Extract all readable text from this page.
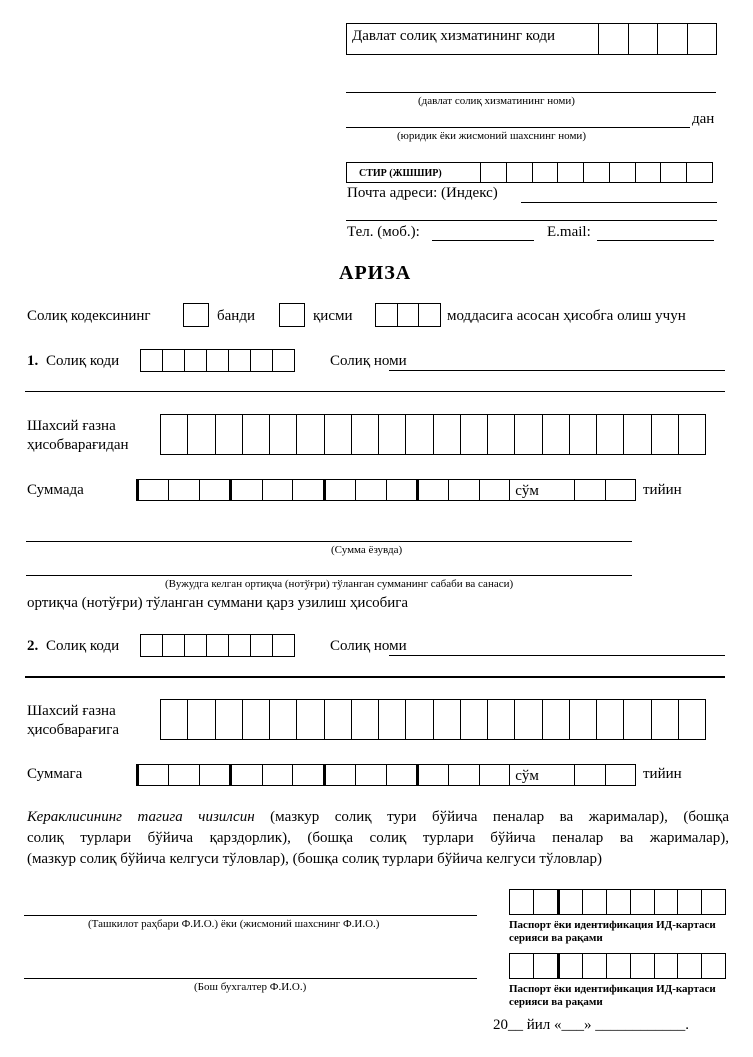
Давлат солиқ хизматининг коди
(давлат солиқ хизматининг номи)
дан
(юридик ёки жисмоний шахснинг номи)
СТИР (ЖШШИР)
Почта адреси: (Индекс)
Тел. (моб.):	E.mail:
АРИЗА
Солиқ кодексининг	банди	қисми	моддасига асосан ҳисобга олиш учун
1. Солиқ коди	Солиқ номи
Шахсий ғазна
ҳисобварағидан
Суммада	сўм	тийин
(Сумма ёзувда)
(Вужудга келган ортиқча (нотўғри) тўланган сумманинг сабаби ва санаси)
ортиқча (нотўғри) тўланган суммани қарз узилиш ҳисобига
2. Солиқ коди	Солиқ номи
Шахсий ғазна
ҳисобварағига
Суммага	сўм	тийин
Кераклисининг тагига чизилсин (мазкур солиқ тури бўйича пеналар ва жарималар), (бошқа
солиқ турлари бўйича қарздорлик), (бошқа солиқ турлари бўйича пеналар ва жарималар),
(мазкур солиқ бўйича келгуси тўловлар), (бошқа солиқ турлари бўйича келгуси тўловлар)
(Ташкилот раҳбари Ф.И.О.) ёки (жисмоний шахснинг Ф.И.О.)
(Бош бухгалтер Ф.И.О.)
Паспорт ёки идентификация ИД-картаси
серияси ва рақами
Паспорт ёки идентификация ИД-картаси
серияси ва рақами
20__ йил «___» ____________.
